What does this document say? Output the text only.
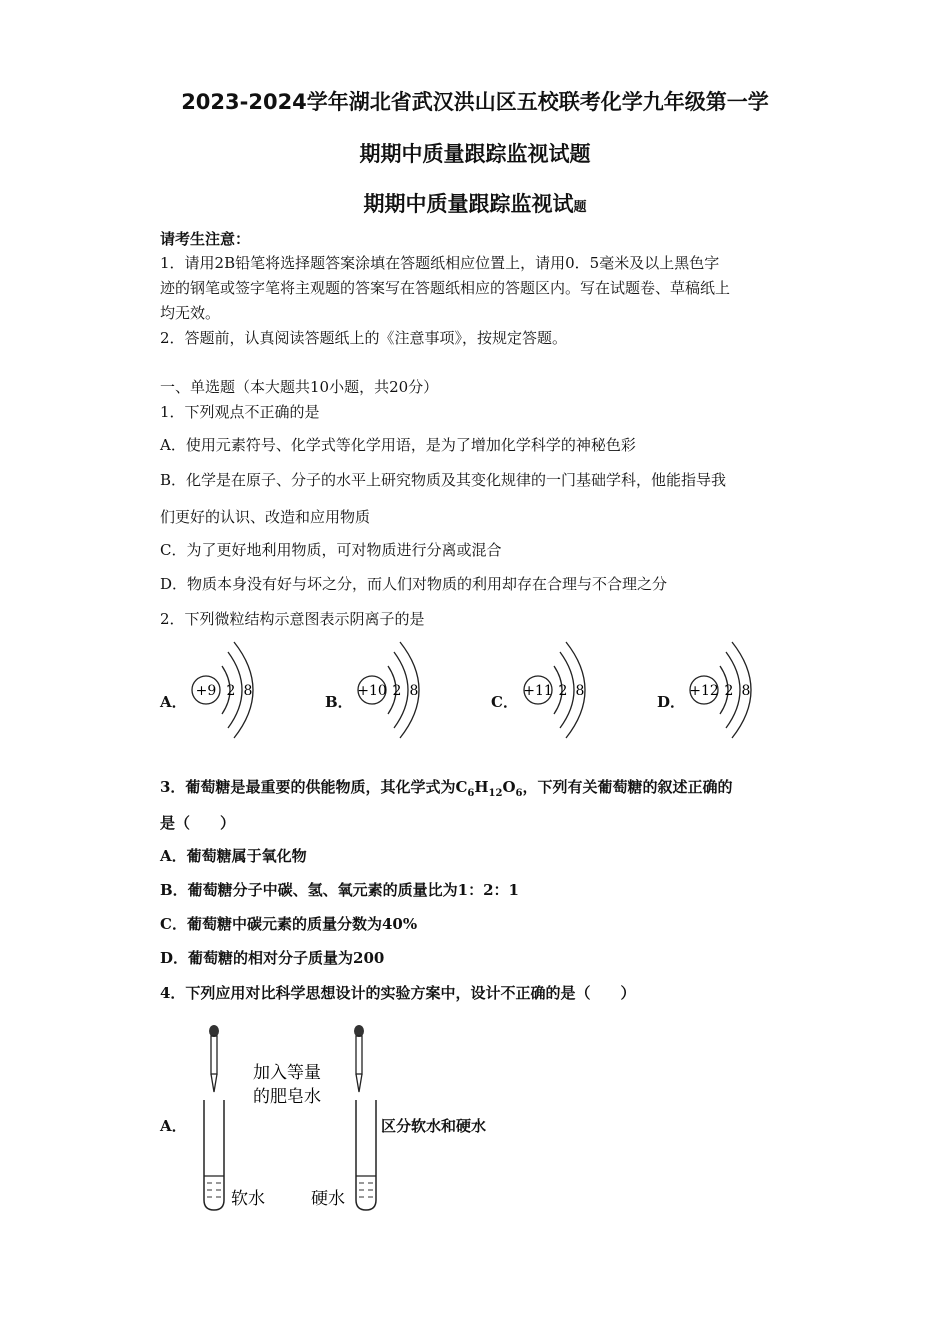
2023-2024学年湖北省武汉洪山区五校联考化学九年级第一学
期期中质量跟踪监视试题
期期中质量跟踪监视试题
请考生注意：
1．请用2B铅笔将选择题答案涂填在答题纸相应位置上，请用0．5毫米及以上黑色字
迹的钢笔或签字笔将主观题的答案写在答题纸相应的答题区内。写在试题卷、草稿纸上
均无效。
2．答题前，认真阅读答题纸上的《注意事项》，按规定答题。
一、单选题（本大题共10小题，共20分）
1．下列观点不正确的是
A．使用元素符号、化学式等化学用语，是为了增加化学科学的神秘色彩
B．化学是在原子、分子的水平上研究物质及其变化规律的一门基础学科，他能指导我
们更好的认识、改造和应用物质
C．为了更好地利用物质，可对物质进行分离或混合
D．物质本身没有好与坏之分，而人们对物质的利用却存在合理与不合理之分
2．下列微粒结构示意图表示阴离子的是
A．
+9 2 8
B．
+10 2 8
C．
+11 2 8
D．
+12 2 8
3．葡萄糖是最重要的供能物质，其化学式为$C_6H_{12}O_6$，下列有关葡萄糖的叙述正确的
是（　　）
A．葡萄糖属于氧化物
B．葡萄糖分子中碳、氢、氧元素的质量比为1：2：1
C．葡萄糖中碳元素的质量分数为40%
D．葡萄糖的相对分子质量为200
4．下列应用对比科学思想设计的实验方案中，设计不正确的是（　　）
A．
加入等量
的肥皂水
软水	硬水
区分软水和硬水
